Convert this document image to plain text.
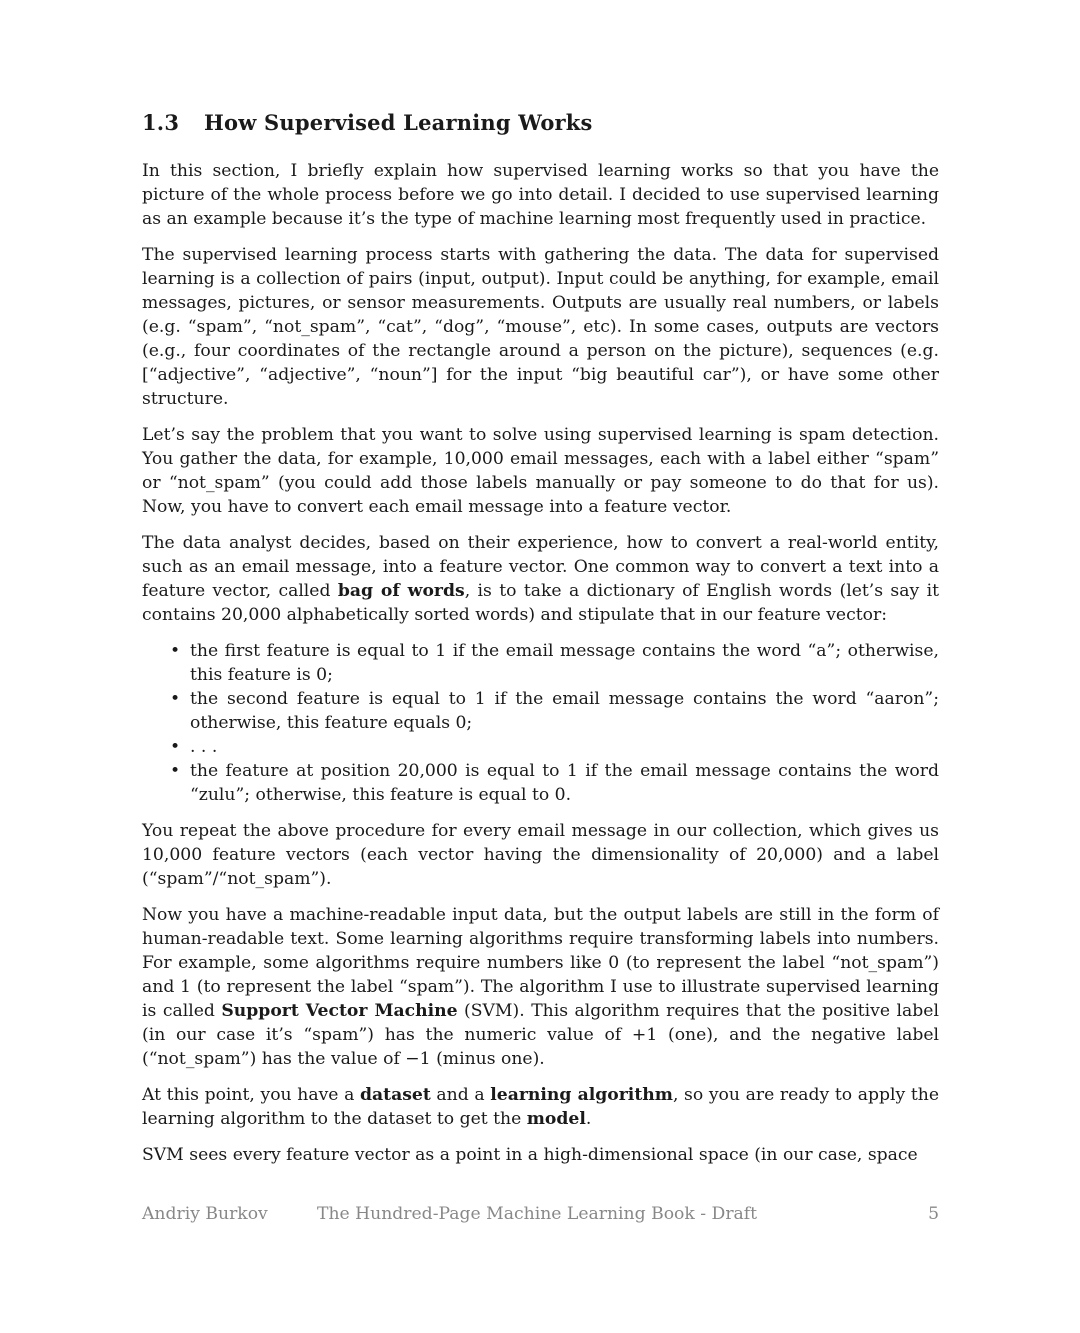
1.3 How Supervised Learning Works

In this section, I briefly explain how supervised learning works so that you have the picture of the whole process before we go into detail. I decided to use supervised learning as an example because it’s the type of machine learning most frequently used in practice.

The supervised learning process starts with gathering the data. The data for supervised learning is a collection of pairs (input, output). Input could be anything, for example, email messages, pictures, or sensor measurements. Outputs are usually real numbers, or labels (e.g. “spam”, “not_spam”, “cat”, “dog”, “mouse”, etc). In some cases, outputs are vectors (e.g., four coordinates of the rectangle around a person on the picture), sequences (e.g. [“adjective”, “adjective”, “noun”] for the input “big beautiful car”), or have some other structure.

Let’s say the problem that you want to solve using supervised learning is spam detection. You gather the data, for example, 10,000 email messages, each with a label either “spam” or “not_spam” (you could add those labels manually or pay someone to do that for us). Now, you have to convert each email message into a feature vector.

The data analyst decides, based on their experience, how to convert a real-world entity, such as an email message, into a feature vector. One common way to convert a text into a feature vector, called bag of words, is to take a dictionary of English words (let’s say it contains 20,000 alphabetically sorted words) and stipulate that in our feature vector:

• the first feature is equal to 1 if the email message contains the word “a”; otherwise, this feature is 0;
• the second feature is equal to 1 if the email message contains the word “aaron”; otherwise, this feature equals 0;
• . . .
• the feature at position 20,000 is equal to 1 if the email message contains the word “zulu”; otherwise, this feature is equal to 0.

You repeat the above procedure for every email message in our collection, which gives us 10,000 feature vectors (each vector having the dimensionality of 20,000) and a label (“spam”/“not_spam”).

Now you have a machine-readable input data, but the output labels are still in the form of human-readable text. Some learning algorithms require transforming labels into numbers. For example, some algorithms require numbers like 0 (to represent the label “not_spam”) and 1 (to represent the label “spam”). The algorithm I use to illustrate supervised learning is called Support Vector Machine (SVM). This algorithm requires that the positive label (in our case it’s “spam”) has the numeric value of +1 (one), and the negative label (“not_spam”) has the value of −1 (minus one).

At this point, you have a dataset and a learning algorithm, so you are ready to apply the learning algorithm to the dataset to get the model.

SVM sees every feature vector as a point in a high-dimensional space (in our case, space

Andriy Burkov	The Hundred-Page Machine Learning Book - Draft	5
